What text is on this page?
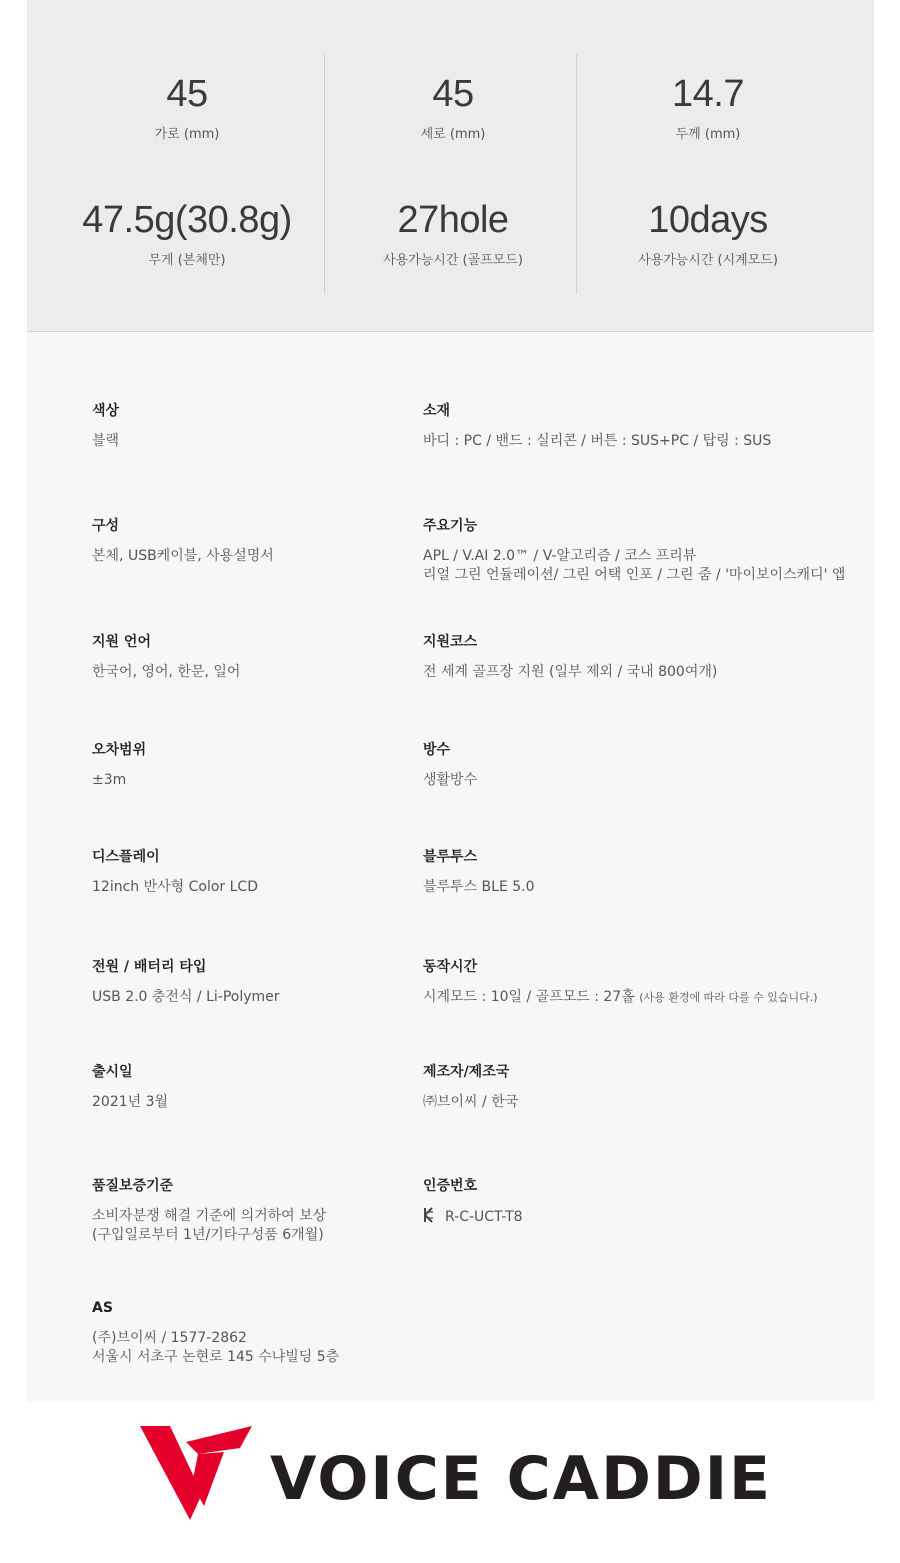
45
가로 (mm)
45
세로 (mm)
14.7
두께 (mm)
47.5g(30.8g)
무게 (본체만)
27hole
사용가능시간 (골프모드)
10days
사용가능시간 (시계모드)
색상
블랙
소재
바디 : PC / 밴드 : 실리콘 / 버튼 : SUS+PC / 탑링 : SUS
구성
본체, USB케이블, 사용설명서
주요기능
APL / V.AI 2.0™ / V-알고리즘 / 코스 프리뷰
리얼 그린 언듈레이션/ 그린 어택 인포 / 그린 줌 / '마이보이스캐디' 앱
지원 언어
한국어, 영어, 한문, 일어
지원코스
전 세계 골프장 지원 (일부 제외 / 국내 800여개)
오차범위
±3m
방수
생활방수
디스플레이
12inch 반사형 Color LCD
블루투스
블루투스 BLE 5.0
전원 / 배터리 타입
USB 2.0 충전식 / Li-Polymer
동작시간
시계모드 : 10일 / 골프모드 : 27홀 (사용 환경에 따라 다를 수 있습니다.)
출시일
2021년 3월
제조자/제조국
㈜브이씨 / 한국
품질보증기준
소비자분쟁 해결 기준에 의거하여 보상
(구입일로부터 1년/기타구성품 6개월)
인증번호
R-C-UCT-T8
AS
(주)브이씨 / 1577-2862
서울시 서초구 논현로 145 수냐빌딩 5층
VOICE CADDIE
